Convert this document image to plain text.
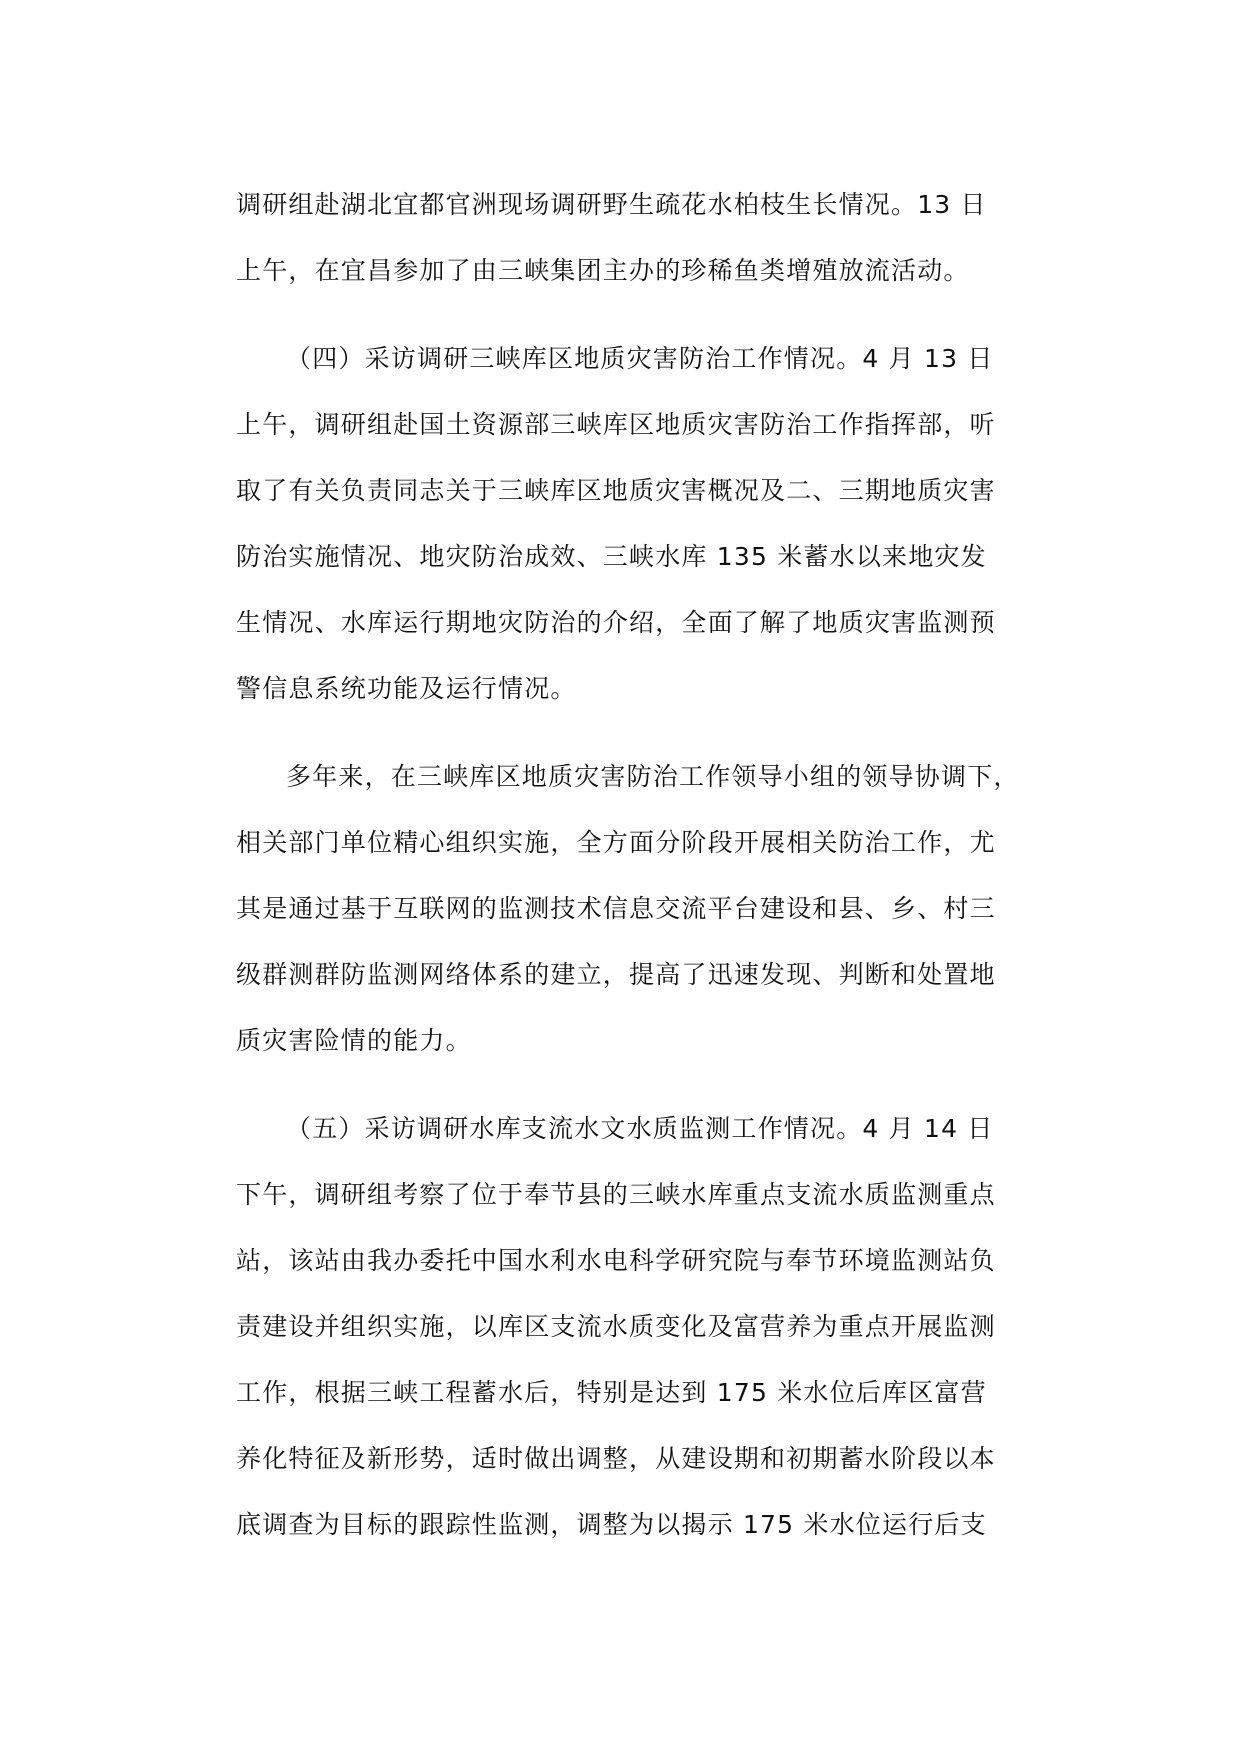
调研组赴湖北宜都官洲现场调研野生疏花水柏枝生长情况。13 日
上午，在宜昌参加了由三峡集团主办的珍稀鱼类增殖放流活动。
（四）采访调研三峡库区地质灾害防治工作情况。4 月 13 日
上午，调研组赴国土资源部三峡库区地质灾害防治工作指挥部，听
取了有关负责同志关于三峡库区地质灾害概况及二、三期地质灾害
防治实施情况、地灾防治成效、三峡水库 135 米蓄水以来地灾发
生情况、水库运行期地灾防治的介绍，全面了解了地质灾害监测预
警信息系统功能及运行情况。
多年来，在三峡库区地质灾害防治工作领导小组的领导协调下，
相关部门单位精心组织实施，全方面分阶段开展相关防治工作，尤
其是通过基于互联网的监测技术信息交流平台建设和县、乡、村三
级群测群防监测网络体系的建立，提高了迅速发现、判断和处置地
质灾害险情的能力。
（五）采访调研水库支流水文水质监测工作情况。4 月 14 日
下午，调研组考察了位于奉节县的三峡水库重点支流水质监测重点
站，该站由我办委托中国水利水电科学研究院与奉节环境监测站负
责建设并组织实施，以库区支流水质变化及富营养为重点开展监测
工作，根据三峡工程蓄水后，特别是达到 175 米水位后库区富营
养化特征及新形势，适时做出调整，从建设期和初期蓄水阶段以本
底调查为目标的跟踪性监测，调整为以揭示 175 米水位运行后支
